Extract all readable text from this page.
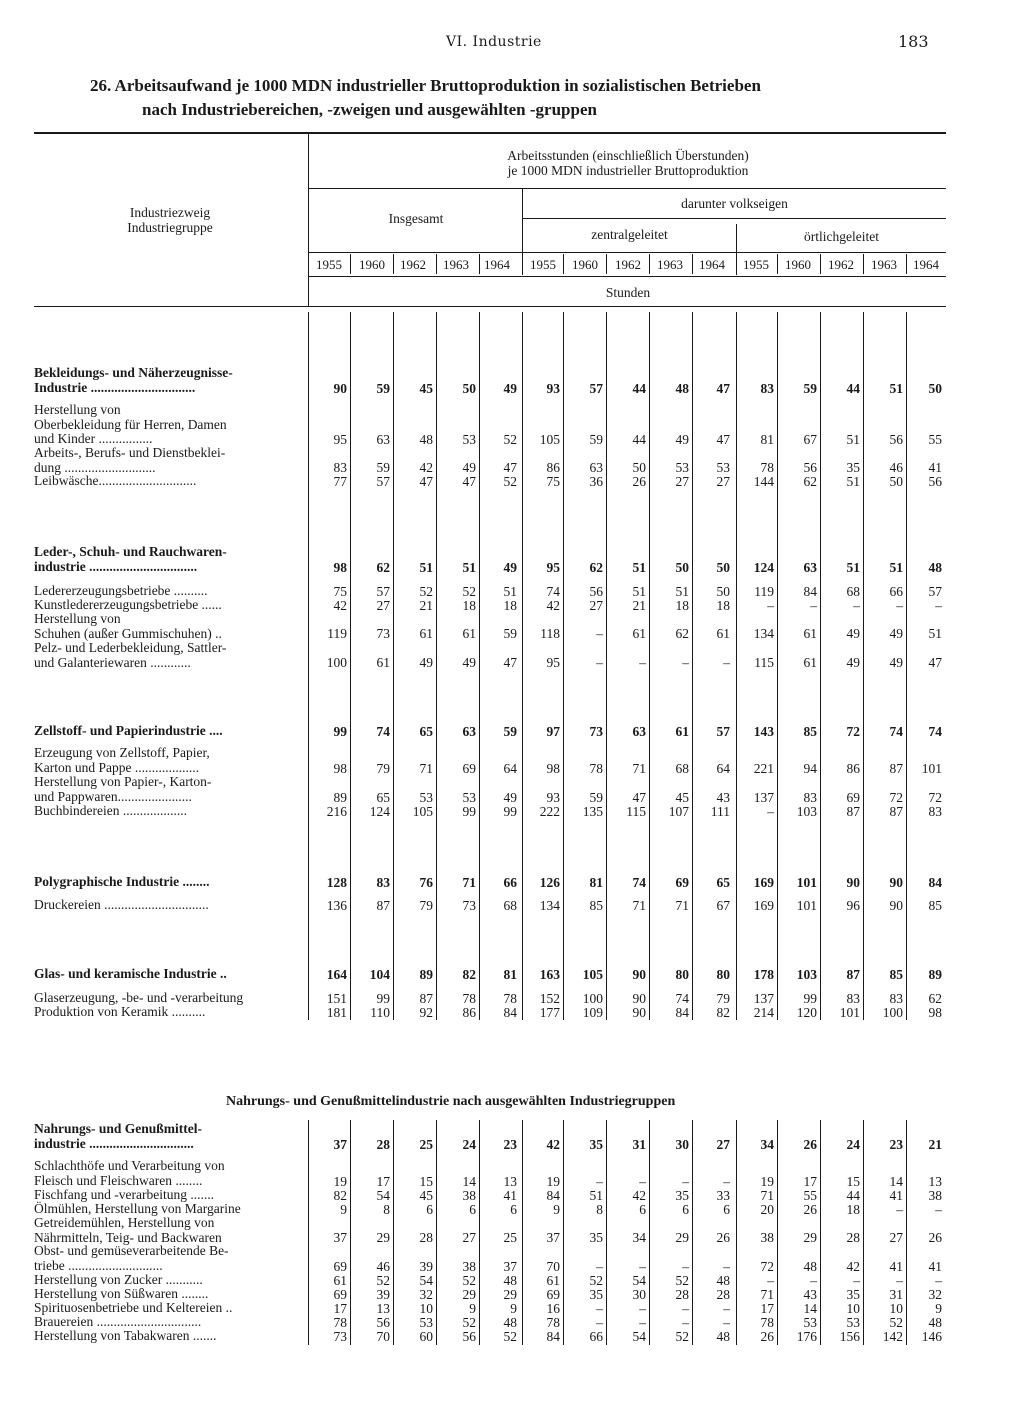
VI. Industrie	183
26. Arbeitsaufwand je 1000 MDN industrieller Bruttoproduktion in sozialistischen Betrieben
nach Industriebereichen, -zweigen und ausgewählten -gruppen
Industriezweig
Industriegruppe
Arbeitsstunden (einschließlich Überstunden)
je 1000 MDN industrieller Bruttoproduktion
Insgesamt
darunter volkseigen
zentralgeleitet	örtlichgeleitet
Stunden
1955	1960	1962	1963	1964	1955	1960	1962	1963	1964	1955	1960	1962	1963	1964
Bekleidungs- und Näherzeugnisse-
Industrie ...............................	90	59	45	50	49	93	57	44	48	47	83	59	44	51	50
Herstellung von
Oberbekleidung für Herren, Damen
und Kinder ................	95	63	48	53	52	105	59	44	49	47	81	67	51	56	55
Arbeits-, Berufs- und Dienstbeklei-
dung ...........................	83	59	42	49	47	86	63	50	53	53	78	56	35	46	41
Leibwäsche.............................	77	57	47	47	52	75	36	26	27	27	144	62	51	50	56
Leder-, Schuh- und Rauchwaren-
industrie ................................	98	62	51	51	49	95	62	51	50	50	124	63	51	51	48
Ledererzeugungsbetriebe ..........	75	57	52	52	51	74	56	51	51	50	119	84	68	66	57
Kunstledererzeugungsbetriebe ......	42	27	21	18	18	42	27	21	18	18	–	–	–	–	–
Herstellung von
Schuhen (außer Gummischuhen) ..	119	73	61	61	59	118	–	61	62	61	134	61	49	49	51
Pelz- und Lederbekleidung, Sattler-
und Galanteriewaren ............	100	61	49	49	47	95	–	–	–	–	115	61	49	49	47
Zellstoff- und Papierindustrie ....	99	74	65	63	59	97	73	63	61	57	143	85	72	74	74
Erzeugung von Zellstoff, Papier,
Karton und Pappe ...................	98	79	71	69	64	98	78	71	68	64	221	94	86	87	101
Herstellung von Papier-, Karton-
und Pappwaren......................	89	65	53	53	49	93	59	47	45	43	137	83	69	72	72
Buchbindereien ...................	216	124	105	99	99	222	135	115	107	111	–	103	87	87	83
Polygraphische Industrie ........	128	83	76	71	66	126	81	74	69	65	169	101	90	90	84
Druckereien ...............................	136	87	79	73	68	134	85	71	71	67	169	101	96	90	85
Glas- und keramische Industrie ..	164	104	89	82	81	163	105	90	80	80	178	103	87	85	89
Glaserzeugung, -be- und -verarbeitung	151	99	87	78	78	152	100	90	74	79	137	99	83	83	62
Produktion von Keramik ..........	181	110	92	86	84	177	109	90	84	82	214	120	101	100	98
Nahrungs- und Genußmittel-
industrie ...............................	37	28	25	24	23	42	35	31	30	27	34	26	24	23	21
Schlachthöfe und Verarbeitung von
Fleisch und Fleischwaren ........	19	17	15	14	13	19	–	–	–	–	19	17	15	14	13
Fischfang und -verarbeitung .......	82	54	45	38	41	84	51	42	35	33	71	55	44	41	38
Ölmühlen, Herstellung von Margarine	9	8	6	6	6	9	8	6	6	6	20	26	18	–	–
Getreidemühlen, Herstellung von
Nährmitteln, Teig- und Backwaren	37	29	28	27	25	37	35	34	29	26	38	29	28	27	26
Obst- und gemüseverarbeitende Be-
triebe ............................	69	46	39	38	37	70	–	–	–	–	72	48	42	41	41
Herstellung von Zucker ...........	61	52	54	52	48	61	52	54	52	48	–	–	–	–	–
Herstellung von Süßwaren ........	69	39	32	29	29	69	35	30	28	28	71	43	35	31	32
Spirituosenbetriebe und Keltereien ..	17	13	10	9	9	16	–	–	–	–	17	14	10	10	9
Brauereien ...............................	78	56	53	52	48	78	–	–	–	–	78	53	53	52	48
Herstellung von Tabakwaren .......	73	70	60	56	52	84	66	54	52	48	26	176	156	142	146
Nahrungs- und Genußmittelindustrie nach ausgewählten Industriegruppen
